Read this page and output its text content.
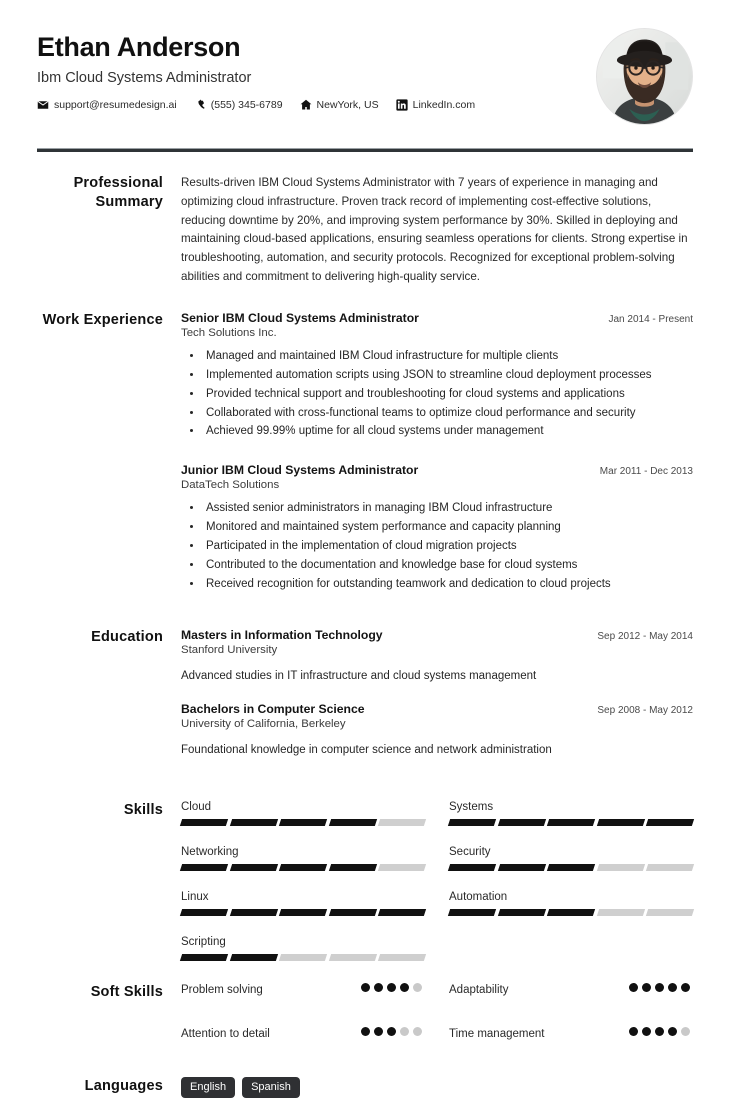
Ethan Anderson
Ibm Cloud Systems Administrator
support@resumedesign.ai	(555) 345-6789	NewYork, US	LinkedIn.com
Professional Summary
Results-driven IBM Cloud Systems Administrator with 7 years of experience in managing and optimizing cloud infrastructure. Proven track record of implementing cost-effective solutions, reducing downtime by 20%, and improving system performance by 30%. Skilled in deploying and maintaining cloud-based applications, ensuring seamless operations for clients. Strong expertise in troubleshooting, automation, and security protocols. Recognized for exceptional problem-solving abilities and commitment to delivering high-quality service.
Work Experience	Senior IBM Cloud Systems Administrator	Jan 2014 - Present
Tech Solutions Inc.
• Managed and maintained IBM Cloud infrastructure for multiple clients
• Implemented automation scripts using JSON to streamline cloud deployment processes
• Provided technical support and troubleshooting for cloud systems and applications
• Collaborated with cross-functional teams to optimize cloud performance and security
• Achieved 99.99% uptime for all cloud systems under management
Junior IBM Cloud Systems Administrator	Mar 2011 - Dec 2013
DataTech Solutions
• Assisted senior administrators in managing IBM Cloud infrastructure
• Monitored and maintained system performance and capacity planning
• Participated in the implementation of cloud migration projects
• Contributed to the documentation and knowledge base for cloud systems
• Received recognition for outstanding teamwork and dedication to cloud projects
Education	Masters in Information Technology	Sep 2012 - May 2014
Stanford University
Advanced studies in IT infrastructure and cloud systems management
Bachelors in Computer Science	Sep 2008 - May 2012
University of California, Berkeley
Foundational knowledge in computer science and network administration
Skills	Cloud	Systems
Networking	Security
Linux	Automation
Scripting
Soft Skills	Problem solving	Adaptability
Attention to detail	Time management
Languages	English	Spanish
